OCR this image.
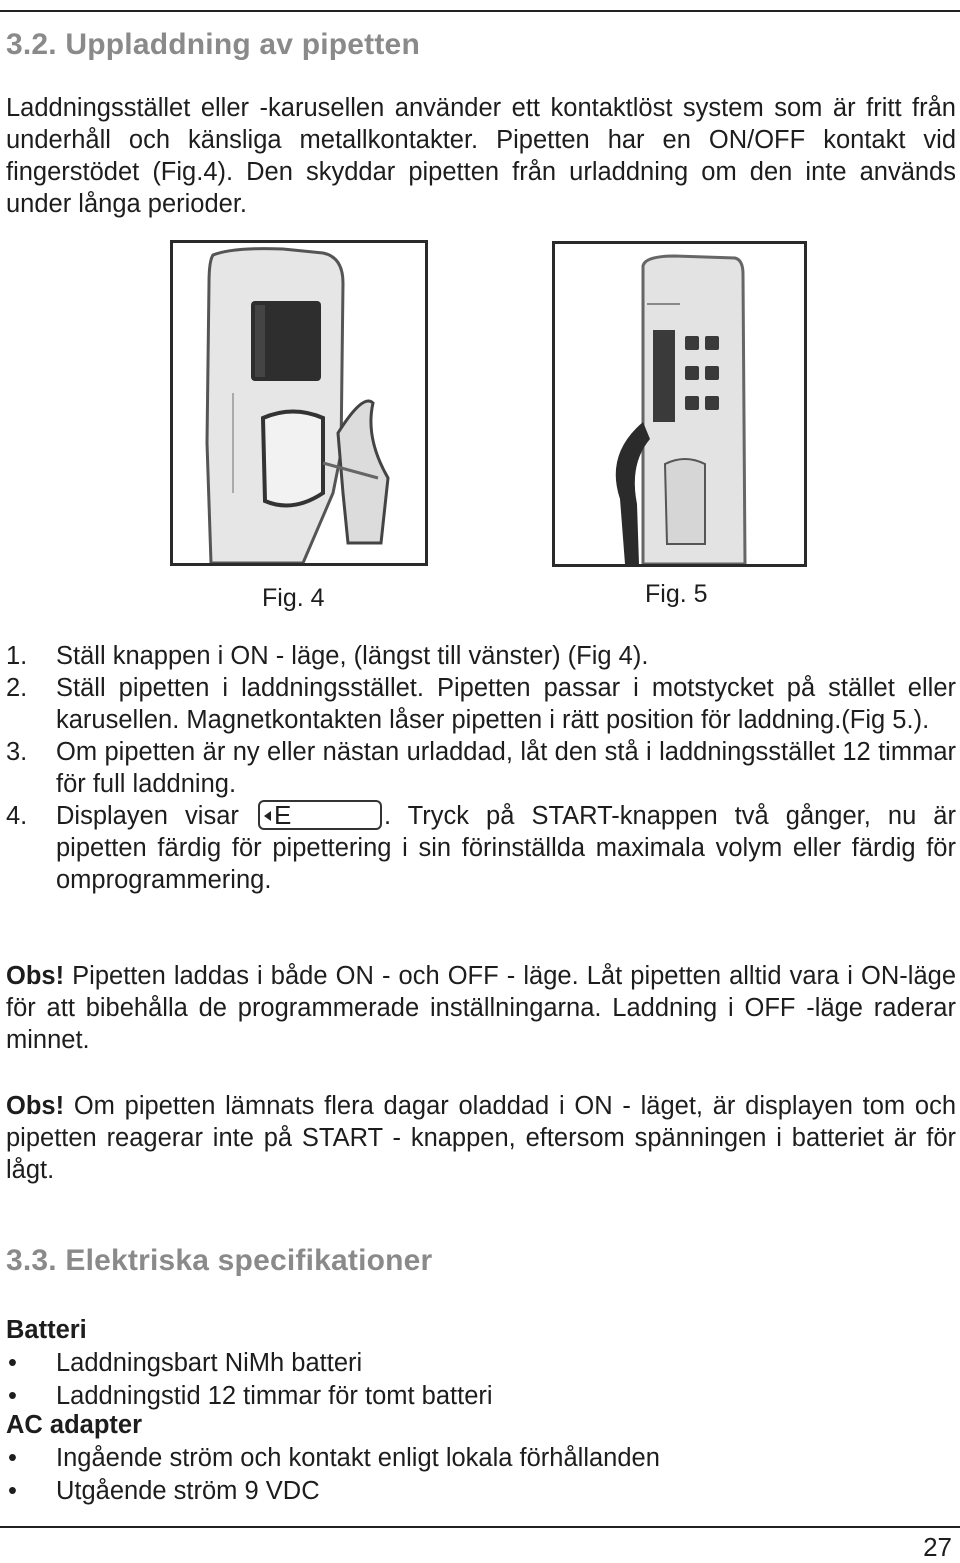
3.2. Uppladdning av pipetten

Laddningsstället eller -karusellen använder ett kontaktlöst system som är fritt från underhåll och känsliga metallkontakter. Pipetten har en ON/OFF kontakt vid fingerstödet (Fig.4). Den skyddar pipetten från urladdning om den inte används under långa perioder.

Fig. 4	Fig. 5
1. Ställ knappen i ON - läge, (längst till vänster) (Fig 4).
2. Ställ pipetten i laddningsstället. Pipetten passar i motstycket på stället eller karusellen. Magnetkontakten låser pipetten i rätt position för laddning.(Fig 5.).
3. Om pipetten är ny eller nästan urladdad, låt den stå i laddningsstället 12 timmar för full laddning.
4. Displayen visar E	. Tryck på START-knappen två gånger, nu är pipetten färdig för pipettering i sin förinställda maximala volym eller färdig för omprogrammering.

Obs! Pipetten laddas i både ON - och OFF - läge. Låt pipetten alltid vara i ON-läge för att bibehålla de programmerade inställningarna. Laddning i OFF -läge raderar minnet.

Obs! Om pipetten lämnats flera dagar oladdad i ON - läget, är displayen tom och pipetten reagerar inte på START - knappen, eftersom spänningen i batteriet är för lågt.

3.3. Elektriska specifikationer

Batteri

• Laddningsbart NiMh batteri
• Laddningstid 12 timmar för tomt batteri

AC adapter

• Ingående ström och kontakt enligt lokala förhållanden
• Utgående ström 9 VDC
27
